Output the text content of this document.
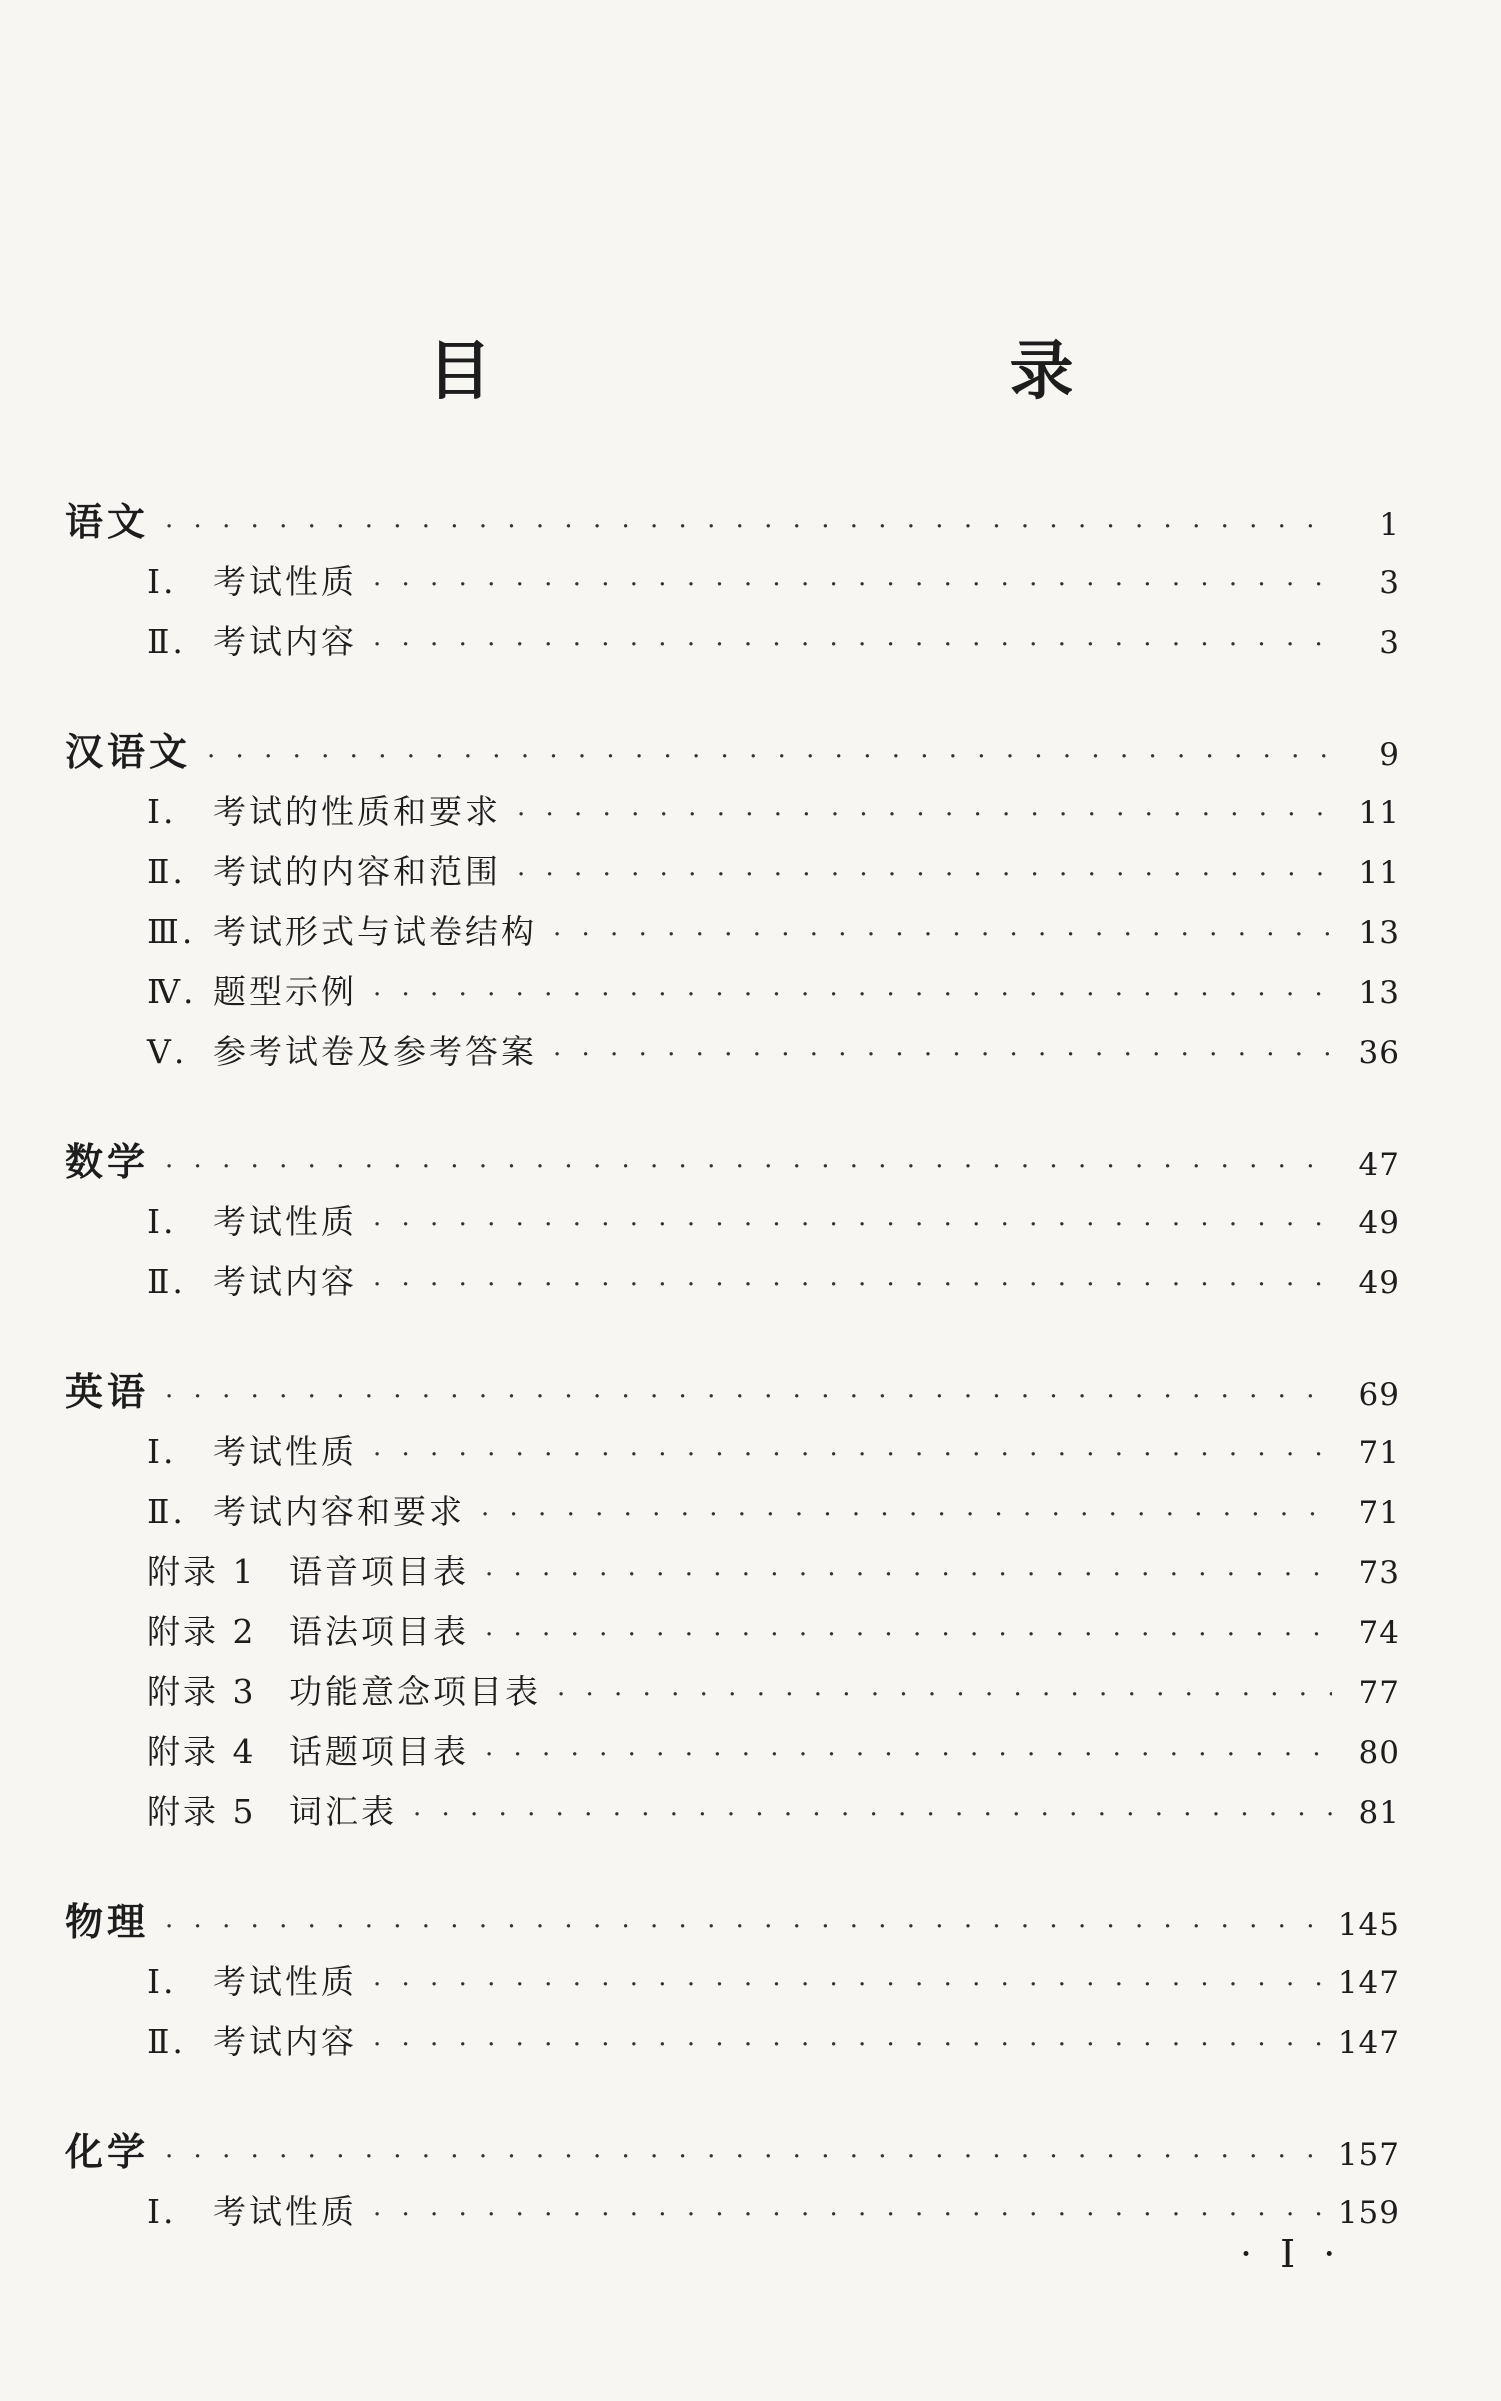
目　　录
语文 · · ·	1
Ⅰ.	考试性质 · · ·	3
Ⅱ. 考试内容 · · ·	3
汉语文 · · ·	9
Ⅰ.	考试的性质和要求 · · ·	11
Ⅱ. 考试的内容和范围 · · ·	11
Ⅲ. 考试形式与试卷结构 · · ·	13
Ⅳ. 题型示例 · · ·	13
Ⅴ. 参考试卷及参考答案 · · ·	36
数学 · · ·	47
Ⅰ.	考试性质 · · ·	49
Ⅱ. 考试内容 · · ·	49
英语 · · ·	69
Ⅰ.	考试性质 · · ·	71
Ⅱ. 考试内容和要求 · · ·	71
附录 1 语音项目表 · · ·	73
附录 2 语法项目表 · · ·	74
附录 3 功能意念项目表 · · ·	77
附录 4 话题项目表 · · ·	80
附录 5 词汇表 · · ·	81
物理 · · ·	145
Ⅰ.	考试性质 · · ·	147
Ⅱ. 考试内容 · · ·	147
化学 · · ·	157
Ⅰ.	考试性质 · · ·	159
· Ⅰ ·
